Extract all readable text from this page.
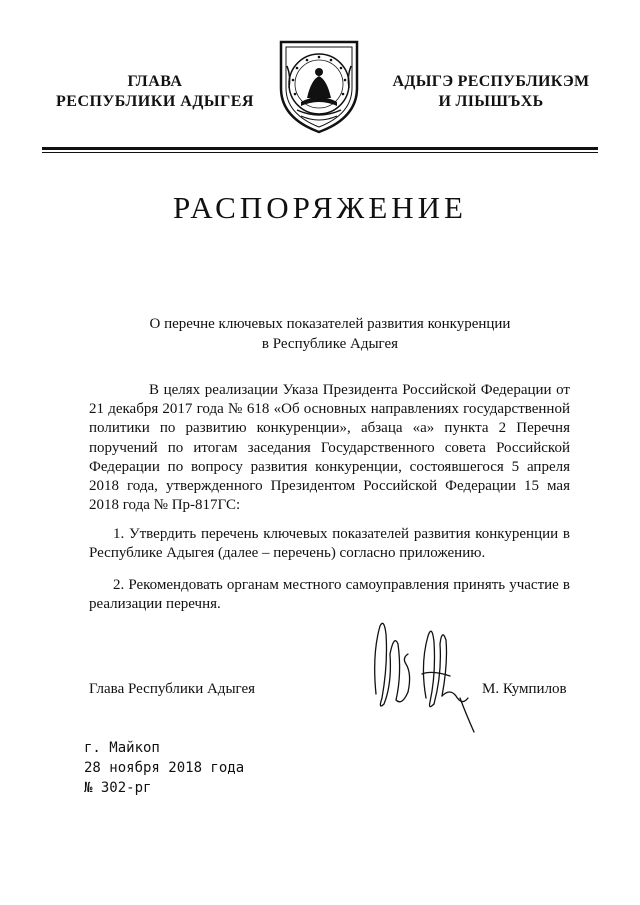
ГЛАВА
РЕСПУБЛИКИ АДЫГЕЯ
АДЫГЭ РЕСПУБЛИКЭМ
И ЛІЫШЪХЬ
РАСПОРЯЖЕНИЕ
О перечне ключевых показателей развития конкуренции
в Республике Адыгея
В целях реализации Указа Президента Российской Федерации от 21 декабря 2017 года № 618 «Об основных направлениях государственной политики по развитию конкуренции», абзаца «а» пункта 2 Перечня поручений по итогам заседания Государственного совета Российской Федерации по вопросу развития конкуренции, состоявшегося 5 апреля 2018 года, утвержденного Президентом Российской Федерации 15 мая 2018 года № Пр-817ГС:
1. Утвердить перечень ключевых показателей развития конкуренции в Республике Адыгея (далее – перечень) согласно приложению.
2. Рекомендовать органам местного самоуправления принять участие в реализации перечня.
Глава Республики Адыгея	М. Кумпилов
г. Майкоп
28 ноября 2018 года
№ 302-рг
